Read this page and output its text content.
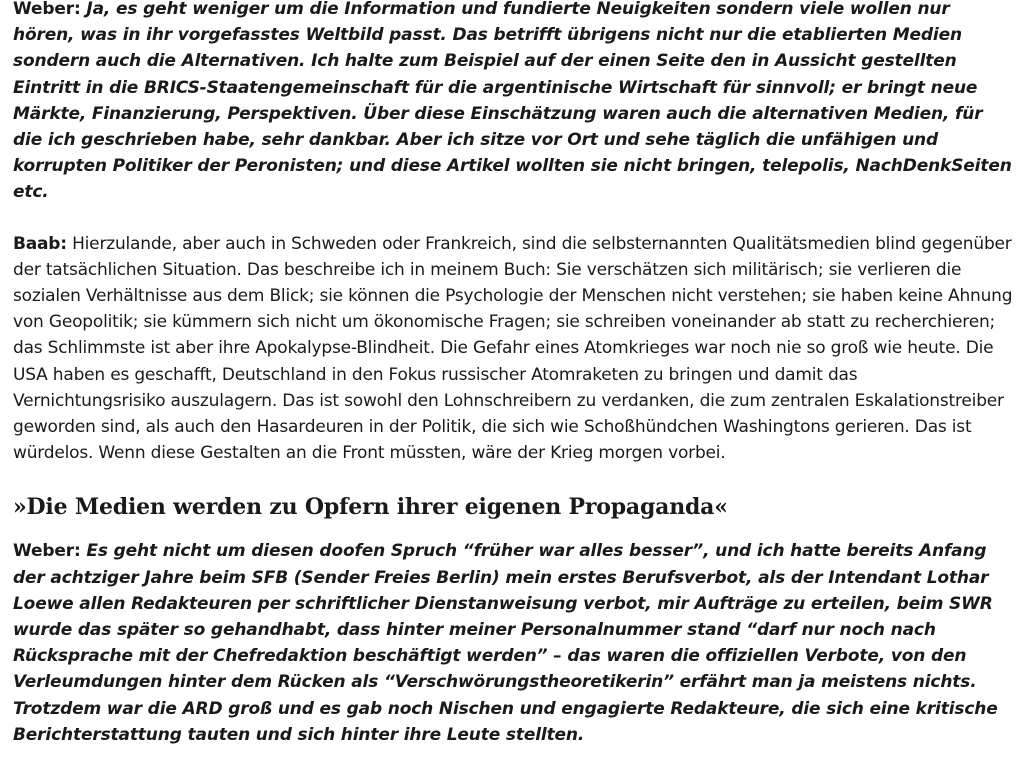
Weber: Ja, es geht weniger um die Information und fundierte Neuigkeiten sondern viele wollen nur hören, was in ihr vorgefasstes Weltbild passt. Das betrifft übrigens nicht nur die etablierten Medien sondern auch die Alternativen. Ich halte zum Beispiel auf der einen Seite den in Aussicht gestellten Eintritt in die BRICS-Staatengemeinschaft für die argentinische Wirtschaft für sinnvoll; er bringt neue Märkte, Finanzierung, Perspektiven. Über diese Einschätzung waren auch die alternativen Medien, für die ich geschrieben habe, sehr dankbar. Aber ich sitze vor Ort und sehe täglich die unfähigen und korrupten Politiker der Peronisten; und diese Artikel wollten sie nicht bringen, telepolis, NachDenkSeiten etc.

Baab: Hierzulande, aber auch in Schweden oder Frankreich, sind die selbsternannten Qualitätsmedien blind gegenüber der tatsächlichen Situation. Das beschreibe ich in meinem Buch: Sie verschätzen sich militärisch; sie verlieren die sozialen Verhältnisse aus dem Blick; sie können die Psychologie der Menschen nicht verstehen; sie haben keine Ahnung von Geopolitik; sie kümmern sich nicht um ökonomische Fragen; sie schreiben voneinander ab statt zu recherchieren; das Schlimmste ist aber ihre Apokalypse-Blindheit. Die Gefahr eines Atomkrieges war noch nie so groß wie heute. Die USA haben es geschafft, Deutschland in den Fokus russischer Atomraketen zu bringen und damit das Vernichtungsrisiko auszulagern. Das ist sowohl den Lohnschreibern zu verdanken, die zum zentralen Eskalationstreiber geworden sind, als auch den Hasardeuren in der Politik, die sich wie Schoßhündchen Washingtons gerieren. Das ist würdelos. Wenn diese Gestalten an die Front müssten, wäre der Krieg morgen vorbei.

»Die Medien werden zu Opfern ihrer eigenen Propaganda«

Weber: Es geht nicht um diesen doofen Spruch “früher war alles besser”, und ich hatte bereits Anfang der achtziger Jahre beim SFB (Sender Freies Berlin) mein erstes Berufsverbot, als der Intendant Lothar Loewe allen Redakteuren per schriftlicher Dienstanweisung verbot, mir Aufträge zu erteilen, beim SWR wurde das später so gehandhabt, dass hinter meiner Personalnummer stand “darf nur noch nach Rücksprache mit der Chefredaktion beschäftigt werden” – das waren die offiziellen Verbote, von den Verleumdungen hinter dem Rücken als “Verschwörungstheoretikerin” erfährt man ja meistens nichts. Trotzdem war die ARD groß und es gab noch Nischen und engagierte Redakteure, die sich eine kritische Berichterstattung tauten und sich hinter ihre Leute stellten.
